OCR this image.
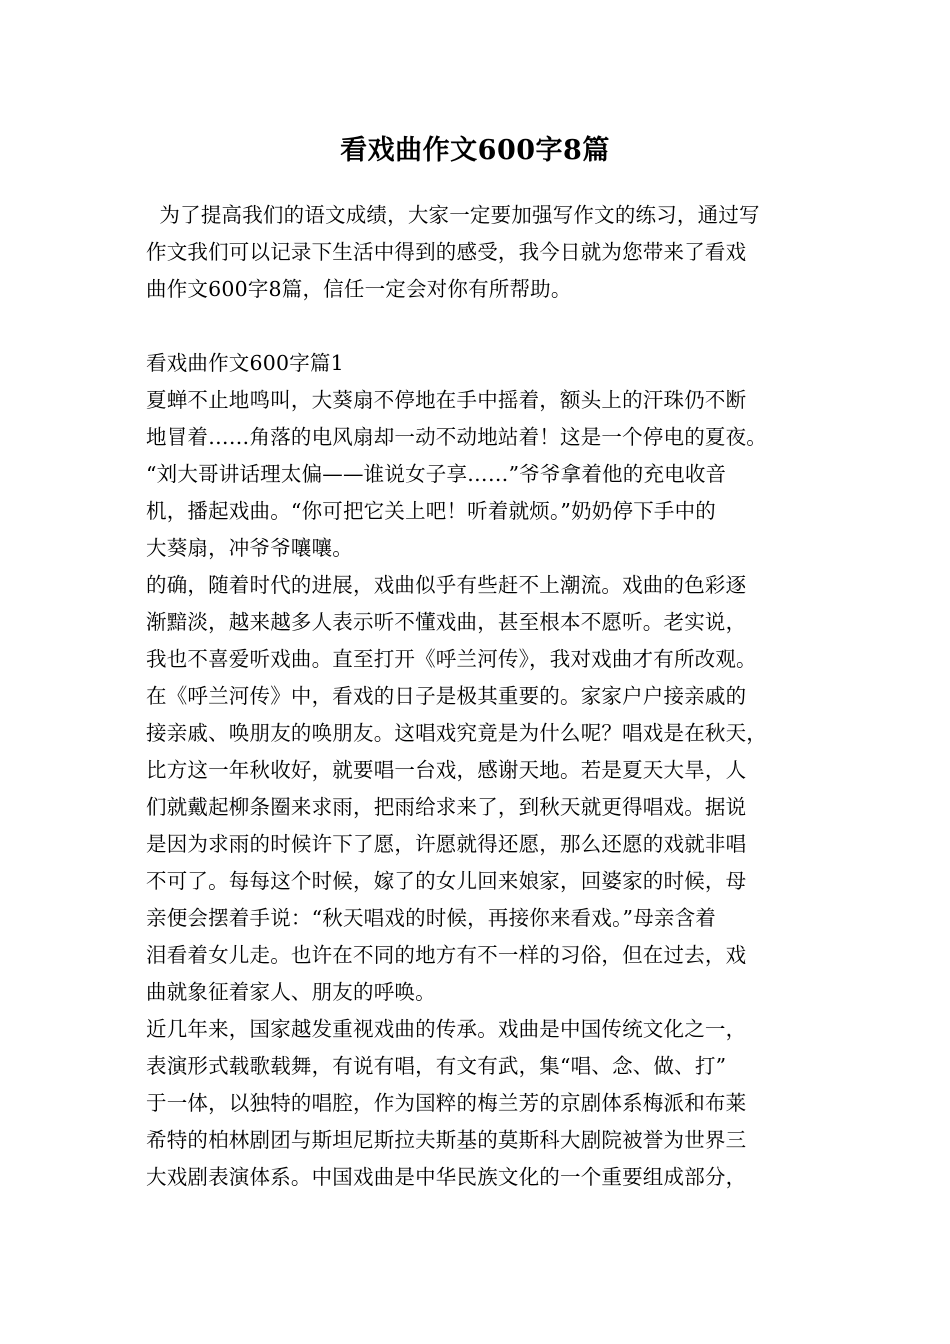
看戏曲作文600字8篇
为了提高我们的语文成绩，大家一定要加强写作文的练习，通过写
作文我们可以记录下生活中得到的感受，我今日就为您带来了看戏
曲作文600字8篇，信任一定会对你有所帮助。
看戏曲作文600字篇1
夏蝉不止地鸣叫，大葵扇不停地在手中摇着，额头上的汗珠仍不断
地冒着……角落的电风扇却一动不动地站着！这是一个停电的夏夜。
“刘大哥讲话理太偏——谁说女子享……”爷爷拿着他的充电收音
机，播起戏曲。“你可把它关上吧！听着就烦。”奶奶停下手中的
大葵扇，冲爷爷嚷嚷。
的确，随着时代的进展，戏曲似乎有些赶不上潮流。戏曲的色彩逐
渐黯淡，越来越多人表示听不懂戏曲，甚至根本不愿听。老实说，
我也不喜爱听戏曲。直至打开《呼兰河传》，我对戏曲才有所改观。
在《呼兰河传》中，看戏的日子是极其重要的。家家户户接亲戚的
接亲戚、唤朋友的唤朋友。这唱戏究竟是为什么呢？唱戏是在秋天，
比方这一年秋收好，就要唱一台戏，感谢天地。若是夏天大旱，人
们就戴起柳条圈来求雨，把雨给求来了，到秋天就更得唱戏。据说
是因为求雨的时候许下了愿，许愿就得还愿，那么还愿的戏就非唱
不可了。每每这个时候，嫁了的女儿回来娘家，回婆家的时候，母
亲便会摆着手说：“秋天唱戏的时候，再接你来看戏。”母亲含着
泪看着女儿走。也许在不同的地方有不一样的习俗，但在过去，戏
曲就象征着家人、朋友的呼唤。
近几年来，国家越发重视戏曲的传承。戏曲是中国传统文化之一，
表演形式载歌载舞，有说有唱，有文有武，集“唱、念、做、打”
于一体，以独特的唱腔，作为国粹的梅兰芳的京剧体系梅派和布莱
希特的柏林剧团与斯坦尼斯拉夫斯基的莫斯科大剧院被誉为世界三
大戏剧表演体系。中国戏曲是中华民族文化的一个重要组成部分，
